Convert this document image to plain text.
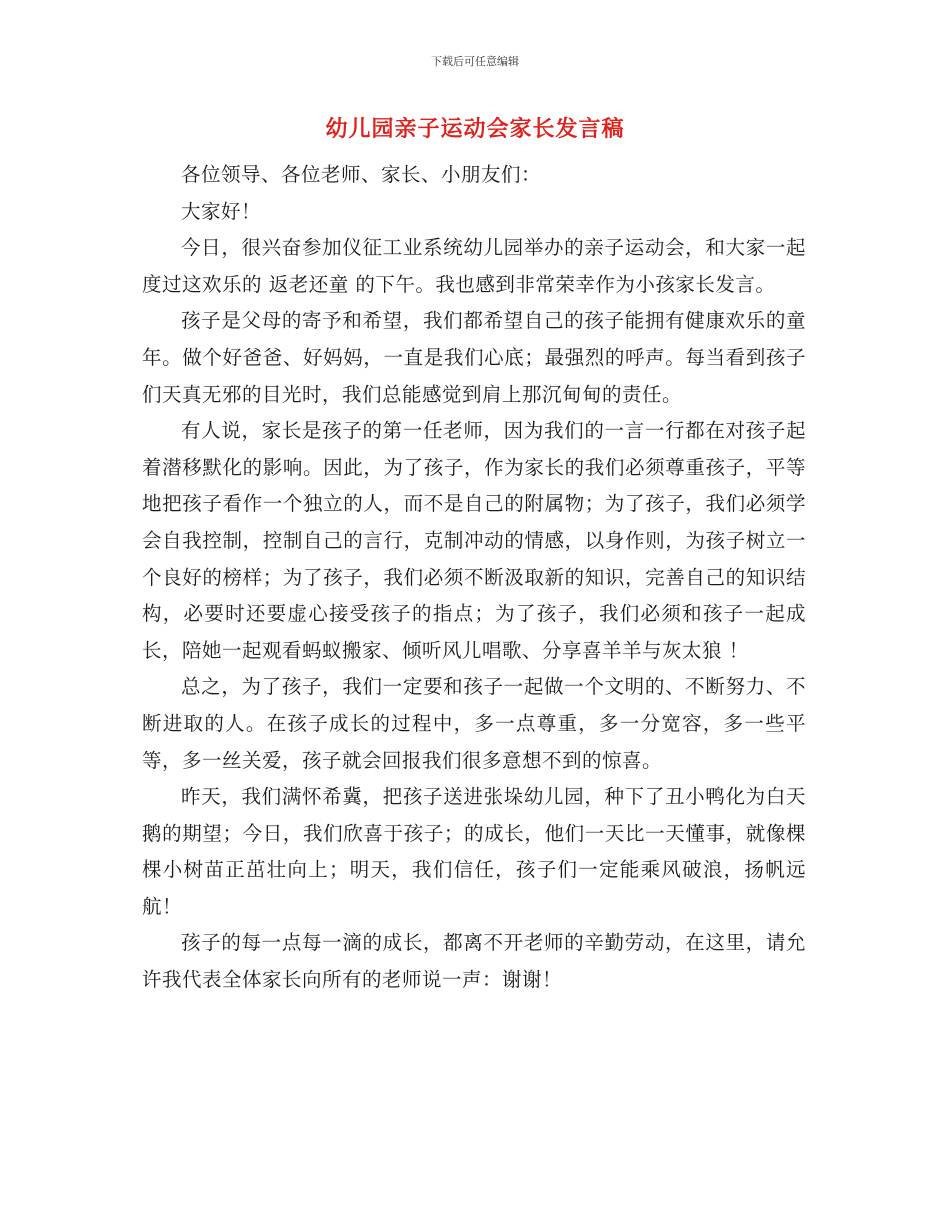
下载后可任意编辑
幼儿园亲子运动会家长发言稿

各位领导、各位老师、家长、小朋友们：

大家好！

今日，很兴奋参加仪征工业系统幼儿园举办的亲子运动会，和大家一起度过这欢乐的 返老还童 的下午。我也感到非常荣幸作为小孩家长发言。

孩子是父母的寄予和希望，我们都希望自己的孩子能拥有健康欢乐的童年。做个好爸爸、好妈妈，一直是我们心底；最强烈的呼声。每当看到孩子们天真无邪的目光时，我们总能感觉到肩上那沉甸甸的责任。

有人说，家长是孩子的第一任老师，因为我们的一言一行都在对孩子起着潜移默化的影响。因此，为了孩子，作为家长的我们必须尊重孩子，平等地把孩子看作一个独立的人，而不是自己的附属物；为了孩子，我们必须学会自我控制，控制自己的言行，克制冲动的情感，以身作则，为孩子树立一个良好的榜样；为了孩子，我们必须不断汲取新的知识，完善自己的知识结构，必要时还要虚心接受孩子的指点；为了孩子，我们必须和孩子一起成长，陪她一起观看蚂蚁搬家、倾听风儿唱歌、分享喜羊羊与灰太狼 ！

总之，为了孩子，我们一定要和孩子一起做一个文明的、不断努力、不断进取的人。在孩子成长的过程中，多一点尊重，多一分宽容，多一些平等，多一丝关爱，孩子就会回报我们很多意想不到的惊喜。

昨天，我们满怀希冀，把孩子送进张垛幼儿园，种下了丑小鸭化为白天鹅的期望；今日，我们欣喜于孩子；的成长，他们一天比一天懂事，就像棵棵小树苗正茁壮向上；明天，我们信任，孩子们一定能乘风破浪，扬帆远航！

孩子的每一点每一滴的成长，都离不开老师的辛勤劳动，在这里，请允许我代表全体家长向所有的老师说一声：谢谢！
